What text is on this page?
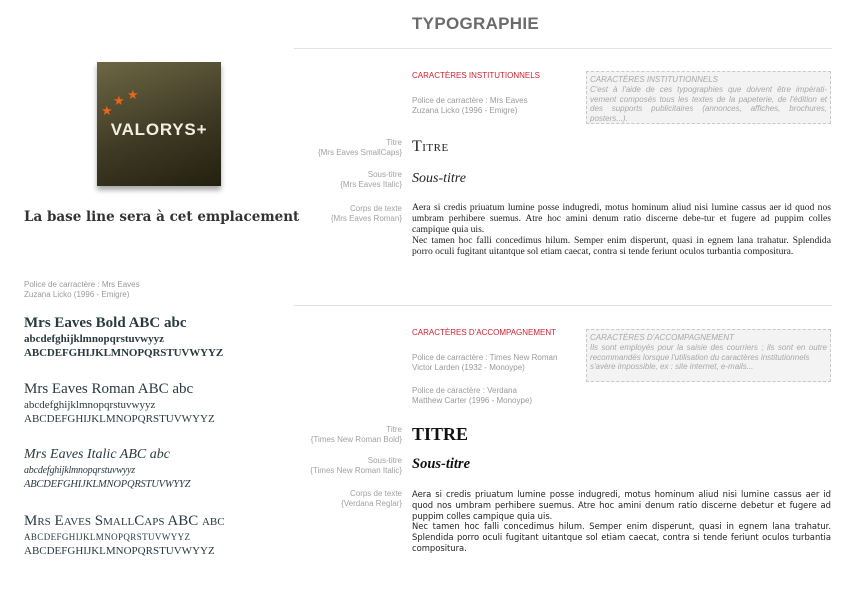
TYPOGRAPHIE
★
★ ★
VALORYS+
La base line sera à cet emplacement
Police de carractère : Mrs Eaves
Zuzana Licko (1996 - Emigre)
Mrs Eaves Bold ABC abc
abcdefghijklmnopqrstuvwyyz
ABCDEFGHIJKLMNOPQRSTUVWYYZ
Mrs Eaves Roman ABC abc
abcdefghijklmnopqrstuvwyyz
ABCDEFGHIJKLMNOPQRSTUVWYYZ
Mrs Eaves Italic ABC abc
abcdefghijklmnopqrstuvwyyz
ABCDEFGHIJKLMNOPQRSTUVWYYZ
Mrs Eaves SmallCaps ABC abc
ABCDEFGHIJKLMNOPQRSTUVWYYZ
ABCDEFGHIJKLMNOPQRSTUVWYYZ
CARACTÈRES INSTITUTIONNELS
Police de carractère : Mrs Eaves
Zuzana Licko (1996 - Emigre)
CARACTÈRES INSTITUTIONNELS
C'est à l'aide de ces typographies que doivent être impérati-vement composés tous les textes de la papeterie, de l'édition et des supports publicitaires (annonces, affiches, brochures, posters...).
Titre
{Mrs Eaves SmallCaps} Titre
Sous-titre
{Mrs Eaves Italic} Sous-titre
Corps de texte
{Mrs Eaves Roman}
Aera si credis priuatum lumine posse indugredi, motus hominum aliud nisi lumine cassus aer id quod nos umbram perhibere suemus. Atre hoc amini denum ratio discerne debe-tur et fugere ad puppim colles campique quia uis.
Nec tamen hoc falli concedimus hilum. Semper enim disperunt, quasi in egnem lana trahatur. Splendida porro oculi fugitant uitantque sol etiam caecat, contra si tende feriunt oculos turbantia compositura.
CARACTÈRES D'ACCOMPAGNEMENT
Police de carractère : Times New Roman
Victor Larden (1932 - Monoype)
Police de caractère : Verdana
Matthew Carter (1996 - Monoype)
CARACTÈRES D'ACCOMPAGNEMENT
Ils sont employés pour la saisie des courriers ; ils sont en outre recommandés lorsque l'utilisation du caractères institutionnels
s'avère impossible, ex : site internet, e-mails...
Titre
{Times New Roman Bold} TITRE
Sous-titre
{Times New Roman Italic} Sous-titre
Corps de texte
{Verdana Reglar}
Aera si credis priuatum lumine posse indugredi, motus hominum aliud nisi lumine cassus aer id quod nos umbram perhibere suemus. Atre hoc amini denum ratio discerne debetur et fugere ad puppim colles campique quia uis.
Nec tamen hoc falli concedimus hilum. Semper enim disperunt, quasi in egnem lana trahatur. Splendida porro oculi fugitant uitantque sol etiam caecat, contra si tende feriunt oculos turbantia compositura.
